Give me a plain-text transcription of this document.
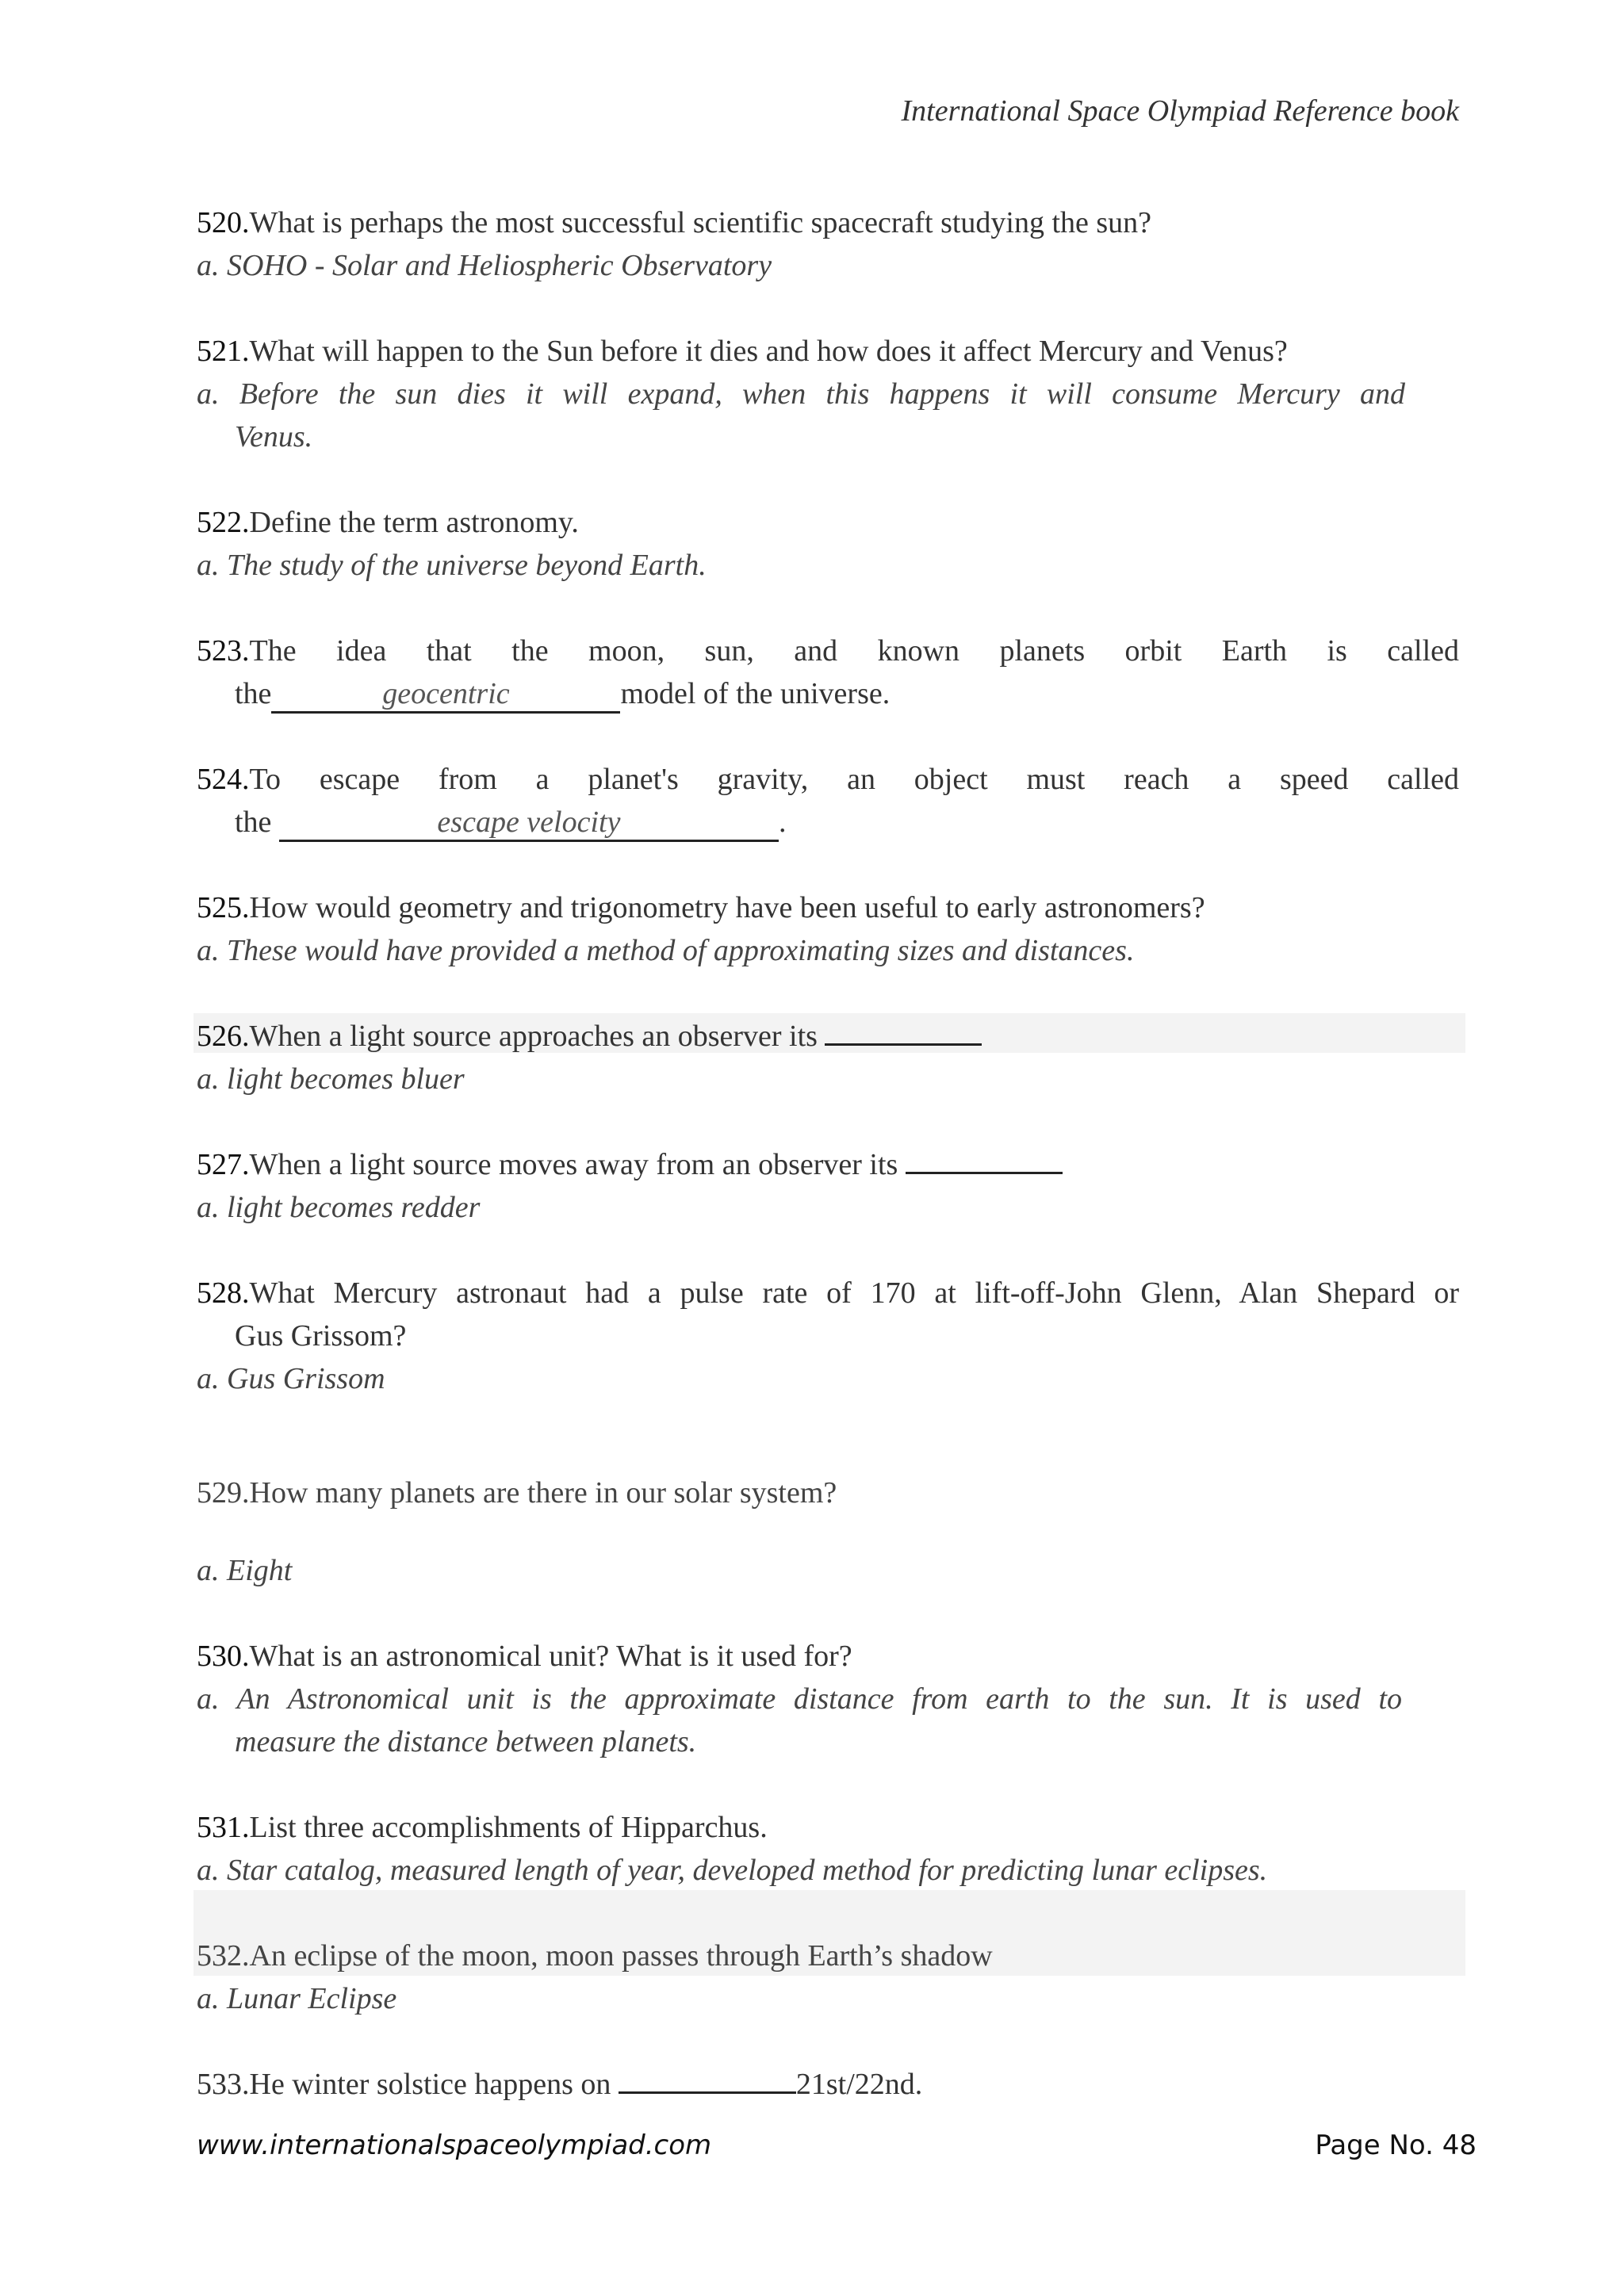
International Space Olympiad Reference book
520.What is perhaps the most successful scientific spacecraft studying the sun?
a. SOHO - Solar and Heliospheric Observatory
521.What will happen to the Sun before it dies and how does it affect Mercury and Venus?
a. Before the sun dies it will expand, when this happens it will consume Mercury and
Venus.
522.Define the term astronomy.
a. The study of the universe beyond Earth.
523.The idea that the moon, sun, and known planets orbit Earth is called
the	geocentric	model of the universe.
524.To escape from a planet's gravity, an object must reach a speed called
the	escape velocity	.
525.How would geometry and trigonometry have been useful to early astronomers?
a. These would have provided a method of approximating sizes and distances.
526.When a light source approaches an observer its
a. light becomes bluer
527.When a light source moves away from an observer its
a. light becomes redder
528.What Mercury astronaut had a pulse rate of 170 at lift-off-John Glenn, Alan Shepard or
Gus Grissom?
a. Gus Grissom
529.How many planets are there in our solar system?
a. Eight
530.What is an astronomical unit? What is it used for?
a. An Astronomical unit is the approximate distance from earth to the sun. It is used to
measure the distance between planets.
531.List three accomplishments of Hipparchus.
a. Star catalog, measured length of year, developed method for predicting lunar eclipses.
532.An eclipse of the moon, moon passes through Earth’s shadow
a. Lunar Eclipse
533.He winter solstice happens on	21st/22nd.
www.internationalspaceolympiad.com	Page No. 48
